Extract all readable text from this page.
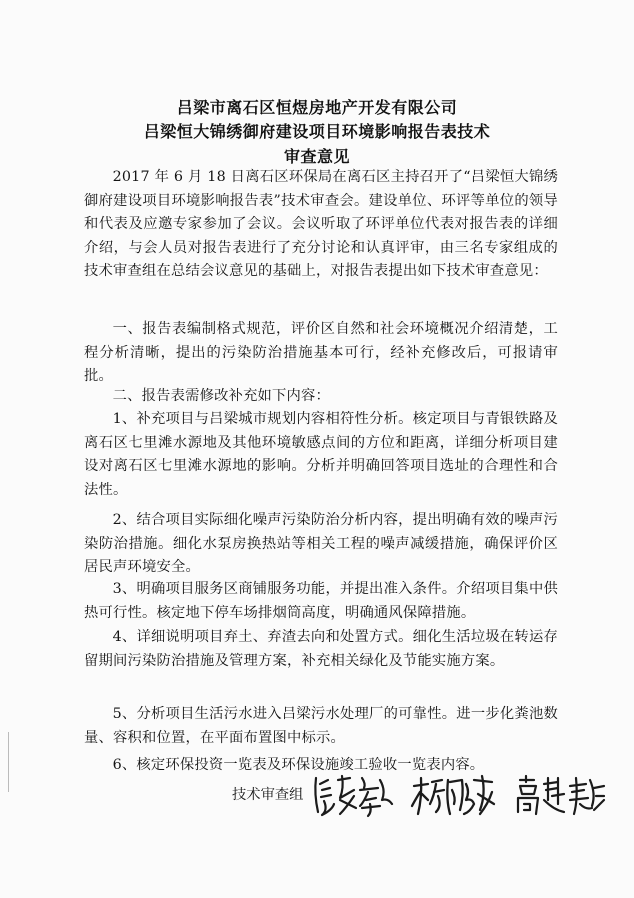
吕梁市离石区恒煜房地产开发有限公司
吕梁恒大锦绣御府建设项目环境影响报告表技术
审查意见

2017 年 6 月 18 日离石区环保局在离石区主持召开了“吕梁恒大锦绣御府建设项目环境影响报告表”技术审查会。建设单位、环评等单位的领导和代表及应邀专家参加了会议。会议听取了环评单位代表对报告表的详细介绍，与会人员对报告表进行了充分讨论和认真评审，由三名专家组成的技术审查组在总结会议意见的基础上，对报告表提出如下技术审查意见：

一、报告表编制格式规范，评价区自然和社会环境概况介绍清楚，工程分析清晰，提出的污染防治措施基本可行，经补充修改后，可报请审批。

二、报告表需修改补充如下内容：

1、补充项目与吕梁城市规划内容相符性分析。核定项目与青银铁路及离石区七里滩水源地及其他环境敏感点间的方位和距离，详细分析项目建设对离石区七里滩水源地的影响。分析并明确回答项目选址的合理性和合法性。

2、结合项目实际细化噪声污染防治分析内容，提出明确有效的噪声污染防治措施。细化水泵房换热站等相关工程的噪声减缓措施，确保评价区居民声环境安全。

3、明确项目服务区商铺服务功能，并提出准入条件。介绍项目集中供热可行性。核定地下停车场排烟筒高度，明确通风保障措施。

4、详细说明项目弃土、弃渣去向和处置方式。细化生活垃圾在转运存留期间污染防治措施及管理方案，补充相关绿化及节能实施方案。

5、分析项目生活污水进入吕梁污水处理厂的可靠性。进一步化粪池数量、容积和位置，在平面布置图中标示。

6、核定环保投资一览表及环保设施竣工验收一览表内容。

技术审查组
